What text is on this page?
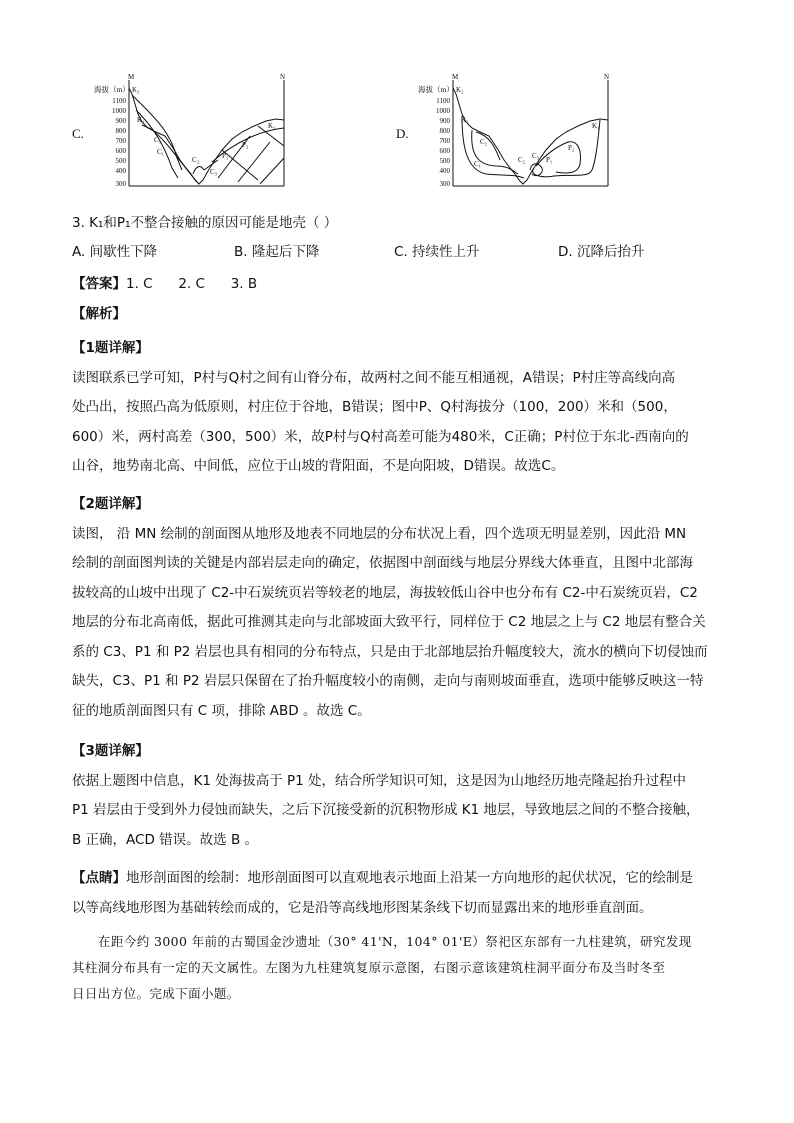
C.
M	N
海拔（m）
1100
1000
900
800
700
600
500
400
300
K₂
K₁
C₃
C₁
C₂
C₃
P₁
P₂
K₁	D.
M	N
海拔（m）
1100
1000
900
800
700
600
500
400
300
K₂
K₁
C₂
C₁	C₂ C₃ P₁
P₂
K₁
3. K₁和P₁不整合接触的原因可能是地壳（ ）
A. 间歇性下降	B. 隆起后下降	C. 持续性上升	D. 沉降后抬升
【答案】1. C      2. C      3. B
【解析】
【1题详解】
读图联系已学可知，P村与Q村之间有山脊分布，故两村之间不能互相通视，A错误；P村庄等高线向高
处凸出，按照凸高为低原则，村庄位于谷地，B错误；图中P、Q村海拔分（100，200）米和（500，
600）米，两村高差（300，500）米，故P村与Q村高差可能为480米，C正确；P村位于东北-西南向的
山谷，地势南北高、中间低，应位于山坡的背阳面，不是向阳坡，D错误。故选C。
【2题详解】
读图， 沿 MN 绘制的剖面图从地形及地表不同地层的分布状况上看，四个选项无明显差别，因此沿 MN
绘制的剖面图判读的关键是内部岩层走向的确定，依据图中剖面线与地层分界线大体垂直，且图中北部海
拔较高的山坡中出现了 C2-中石炭统页岩等较老的地层，海拔较低山谷中也分布有 C2-中石炭统页岩，C2
地层的分布北高南低，据此可推测其走向与北部坡面大致平行，同样位于 C2 地层之上与 C2 地层有整合关
系的 C3、P1 和 P2 岩层也具有相同的分布特点，只是由于北部地层抬升幅度较大，流水的横向下切侵蚀而
缺失，C3、P1 和 P2 岩层只保留在了抬升幅度较小的南侧，走向与南则坡面垂直，选项中能够反映这一特
征的地质剖面图只有 C 项，排除 ABD 。故选 C。
【3题详解】
依据上题图中信息，K1 处海拔高于 P1 处，结合所学知识可知，这是因为山地经历地壳隆起抬升过程中
P1 岩层由于受到外力侵蚀而缺失，之后下沉接受新的沉积物形成 K1 地层，导致地层之间的不整合接触，
B 正确，ACD 错误。故选 B 。
【点睛】地形剖面图的绘制：地形剖面图可以直观地表示地面上沿某一方向地形的起伏状况，它的绘制是
以等高线地形图为基础转绘而成的，它是沿等高线地形图某条线下切而显露出来的地形垂直剖面。
在距今约 3000 年前的古蜀国金沙遗址（30° 41'N，104° 01'E）祭祀区东部有一九柱建筑，研究发现
其柱洞分布具有一定的天文属性。左图为九柱建筑复原示意图，右图示意该建筑柱洞平面分布及当时冬至
日日出方位。完成下面小题。
